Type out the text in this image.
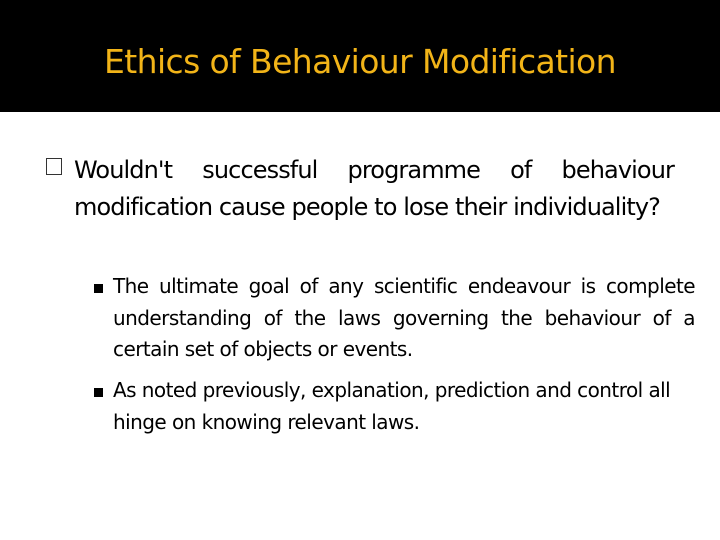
Ethics of Behaviour Modification
Wouldn't successful programme of behaviour modification cause people to lose their individuality?
The ultimate goal of any scientific endeavour is complete understanding of the laws governing the behaviour of a certain set of objects or events.
As noted previously, explanation, prediction and control all hinge on knowing relevant laws.
